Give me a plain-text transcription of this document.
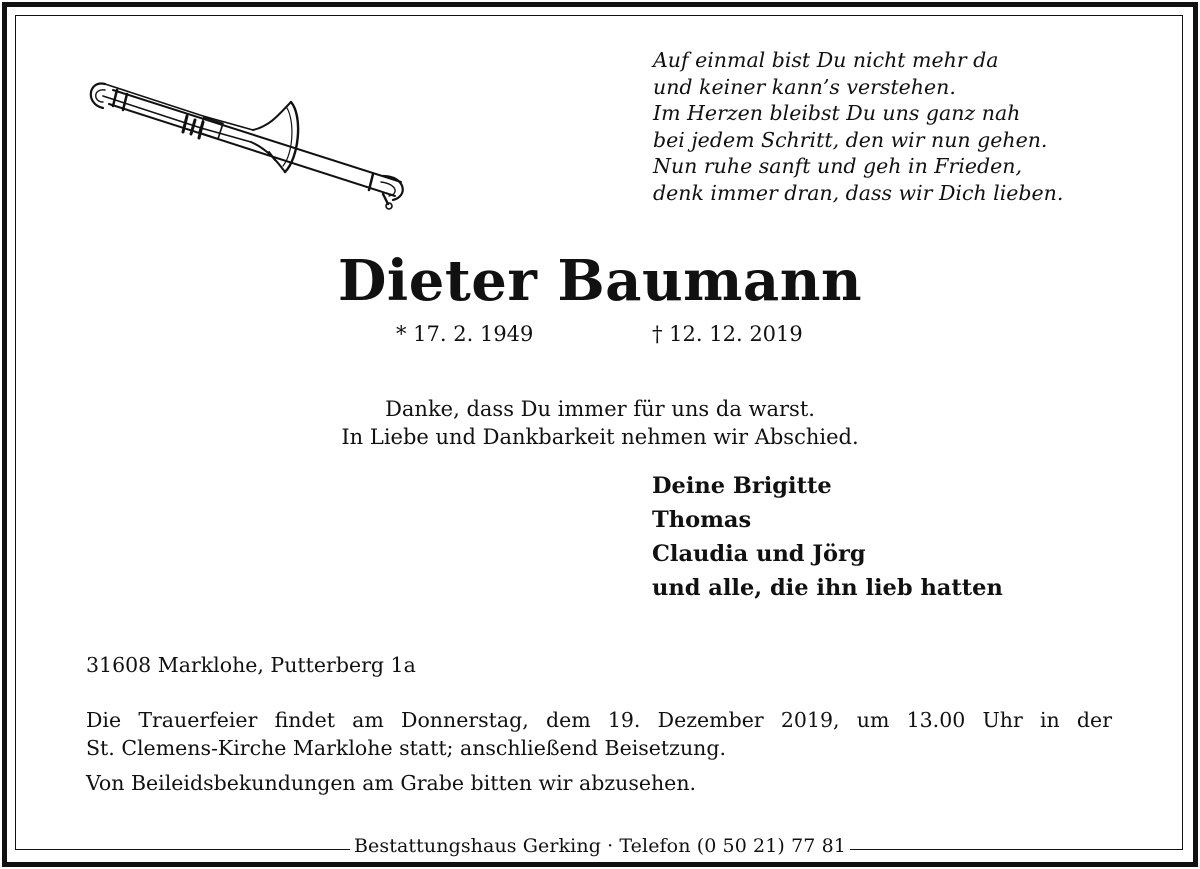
Auf einmal bist Du nicht mehr da
und keiner kann’s verstehen.
Im Herzen bleibst Du uns ganz nah
bei jedem Schritt, den wir nun gehen.
Nun ruhe sanft und geh in Frieden,
denk immer dran, dass wir Dich lieben.
Dieter Baumann
* 17. 2. 1949	† 12. 12. 2019
Danke, dass Du immer für uns da warst.
In Liebe und Dankbarkeit nehmen wir Abschied.
Deine Brigitte
Thomas
Claudia und Jörg
und alle, die ihn lieb hatten
31608 Marklohe, Putterberg 1a
Die Trauerfeier findet am Donnerstag, dem 19. Dezember 2019, um 13.00 Uhr in der
St. Clemens-Kirche Marklohe statt; anschließend Beisetzung.
Von Beileidsbekundungen am Grabe bitten wir abzusehen.
Bestattungshaus Gerking · Telefon (0 50 21) 77 81
